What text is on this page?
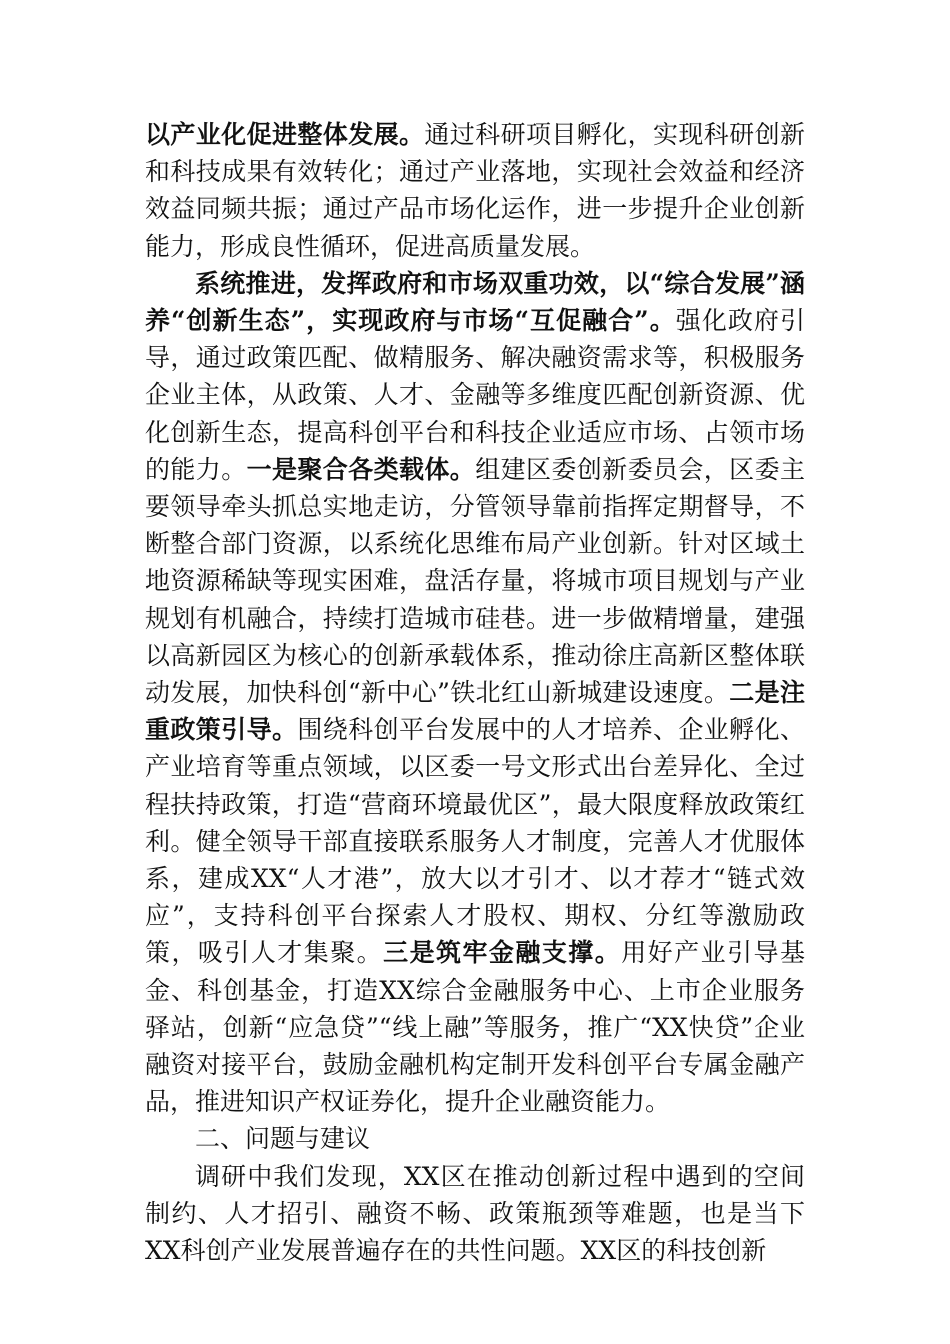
以产业化促进整体发展。通过科研项目孵化，实现科研创新和科技成果有效转化；通过产业落地，实现社会效益和经济效益同频共振；通过产品市场化运作，进一步提升企业创新能力，形成良性循环，促进高质量发展。

系统推进，发挥政府和市场双重功效，以“综合发展”涵养“创新生态”，实现政府与市场“互促融合”。强化政府引导，通过政策匹配、做精服务、解决融资需求等，积极服务企业主体，从政策、人才、金融等多维度匹配创新资源、优化创新生态，提高科创平台和科技企业适应市场、占领市场的能力。一是聚合各类载体。组建区委创新委员会，区委主要领导牵头抓总实地走访，分管领导靠前指挥定期督导，不断整合部门资源，以系统化思维布局产业创新。针对区域土地资源稀缺等现实困难，盘活存量，将城市项目规划与产业规划有机融合，持续打造城市硅巷。进一步做精增量，建强以高新园区为核心的创新承载体系，推动徐庄高新区整体联动发展，加快科创“新中心”铁北红山新城建设速度。二是注重政策引导。围绕科创平台发展中的人才培养、企业孵化、产业培育等重点领域，以区委一号文形式出台差异化、全过程扶持政策，打造“营商环境最优区”，最大限度释放政策红利。健全领导干部直接联系服务人才制度，完善人才优服体系，建成XX“人才港”，放大以才引才、以才荐才“链式效应”，支持科创平台探索人才股权、期权、分红等激励政策，吸引人才集聚。三是筑牢金融支撑。用好产业引导基金、科创基金，打造XX综合金融服务中心、上市企业服务驿站，创新“应急贷”“线上融”等服务，推广“XX快贷”企业融资对接平台，鼓励金融机构定制开发科创平台专属金融产品，推进知识产权证券化，提升企业融资能力。

二、问题与建议

调研中我们发现，XX区在推动创新过程中遇到的空间制约、人才招引、融资不畅、政策瓶颈等难题，也是当下XX科创产业发展普遍存在的共性问题。XX区的科技创新
